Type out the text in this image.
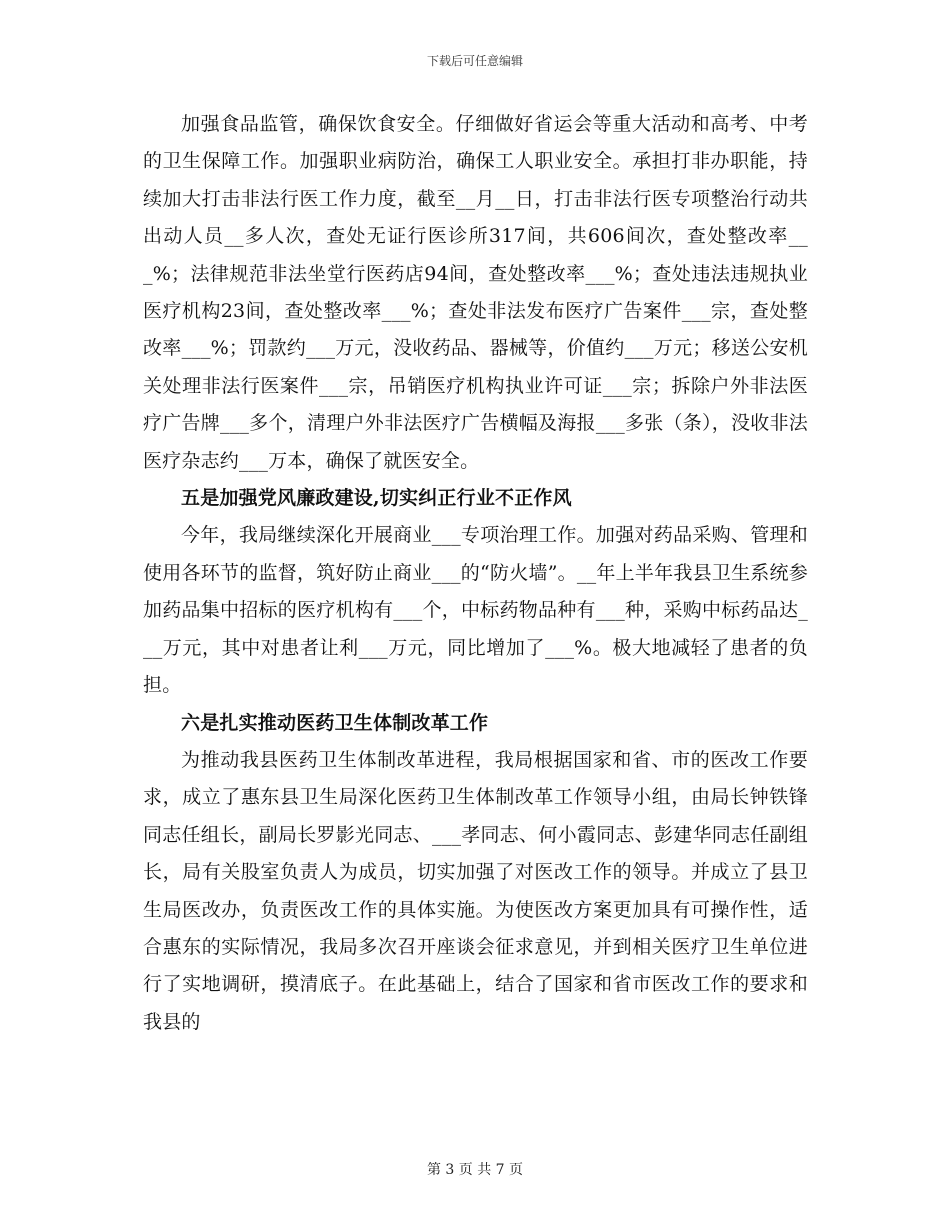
下载后可任意编辑

加强食品监管，确保饮食安全。仔细做好省运会等重大活动和高考、中考的卫生保障工作。加强职业病防治，确保工人职业安全。承担打非办职能，持续加大打击非法行医工作力度，截至__月__日，打击非法行医专项整治行动共出动人员__多人次，查处无证行医诊所317间，共606间次，查处整改率___%；法律规范非法坐堂行医药店94间，查处整改率___%；查处违法违规执业医疗机构23间，查处整改率___%；查处非法发布医疗广告案件___宗，查处整改率___%；罚款约___万元，没收药品、器械等，价值约___万元；移送公安机关处理非法行医案件___宗，吊销医疗机构执业许可证___宗；拆除户外非法医疗广告牌___多个，清理户外非法医疗广告横幅及海报___多张（条），没收非法医疗杂志约___万本，确保了就医安全。

五是加强党风廉政建设,切实纠正行业不正作风

今年，我局继续深化开展商业___专项治理工作。加强对药品采购、管理和使用各环节的监督，筑好防止商业___的“防火墙”。__年上半年我县卫生系统参加药品集中招标的医疗机构有___个，中标药物品种有___种，采购中标药品达___万元，其中对患者让利___万元，同比增加了___%。极大地减轻了患者的负担。

六是扎实推动医药卫生体制改革工作

为推动我县医药卫生体制改革进程，我局根据国家和省、市的医改工作要求，成立了惠东县卫生局深化医药卫生体制改革工作领导小组，由局长钟铁锋同志任组长，副局长罗影光同志、___孝同志、何小霞同志、彭建华同志任副组长，局有关股室负责人为成员，切实加强了对医改工作的领导。并成立了县卫生局医改办，负责医改工作的具体实施。为使医改方案更加具有可操作性，适合惠东的实际情况，我局多次召开座谈会征求意见，并到相关医疗卫生单位进行了实地调研，摸清底子。在此基础上，结合了国家和省市医改工作的要求和我县的

第 3 页 共 7 页
